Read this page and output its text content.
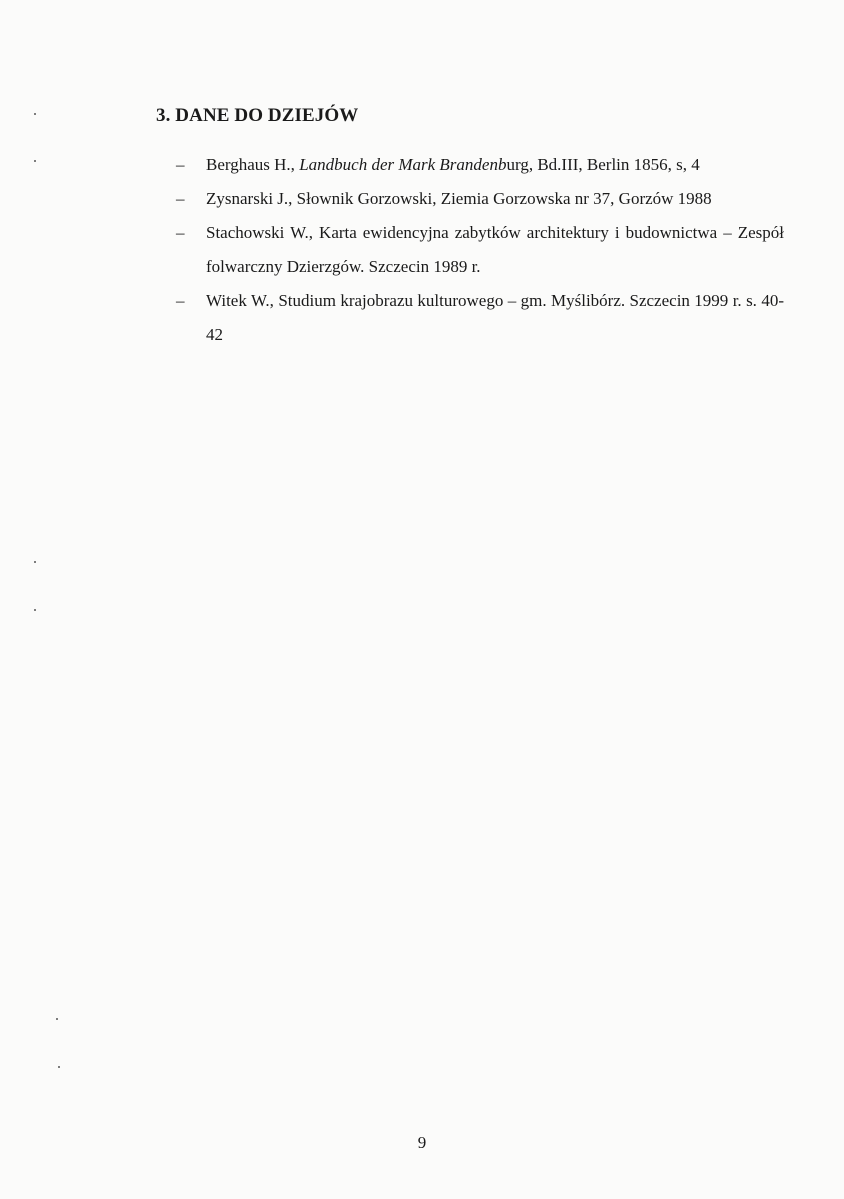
3. DANE DO DZIEJÓW
– Berghaus H., Landbuch der Mark Brandenburg, Bd.III, Berlin 1856, s, 4
– Zysnarski J., Słownik Gorzowski, Ziemia Gorzowska nr 37, Gorzów 1988
– Stachowski W., Karta ewidencyjna zabytków architektury i budownictwa – Zespół folwarczny Dzierzgów. Szczecin 1989 r.
– Witek W., Studium krajobrazu kulturowego – gm. Myślibórz. Szczecin 1999 r. s. 40-42
9
